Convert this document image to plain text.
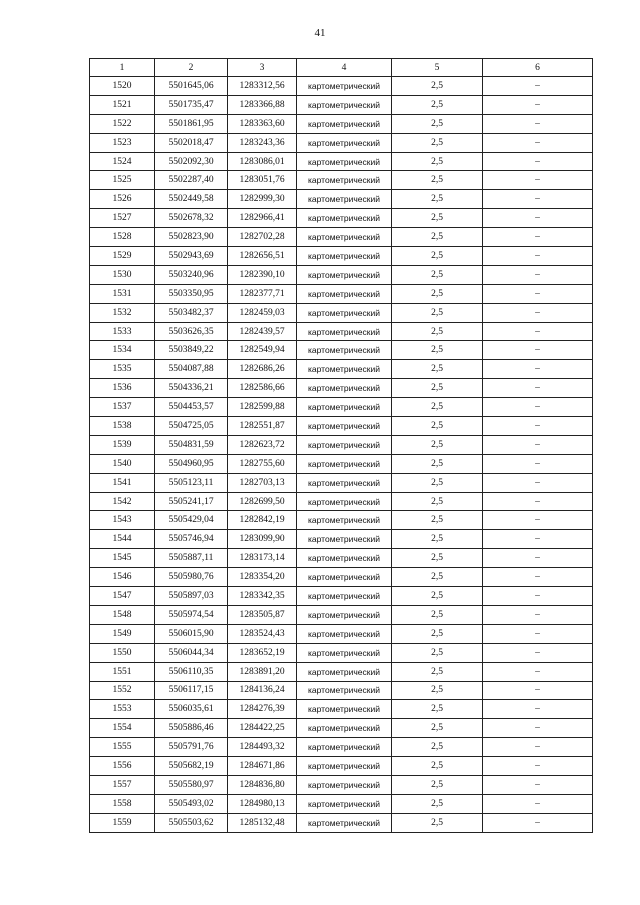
41
1	2	3	4	5	6
1520	5501645,06	1283312,56	картометрический	2,5	–
1521	5501735,47	1283366,88	картометрический	2,5	–
1522	5501861,95	1283363,60	картометрический	2,5	–
1523	5502018,47	1283243,36	картометрический	2,5	–
1524	5502092,30	1283086,01	картометрический	2,5	–
1525	5502287,40	1283051,76	картометрический	2,5	–
1526	5502449,58	1282999,30	картометрический	2,5	–
1527	5502678,32	1282966,41	картометрический	2,5	–
1528	5502823,90	1282702,28	картометрический	2,5	–
1529	5502943,69	1282656,51	картометрический	2,5	–
1530	5503240,96	1282390,10	картометрический	2,5	–
1531	5503350,95	1282377,71	картометрический	2,5	–
1532	5503482,37	1282459,03	картометрический	2,5	–
1533	5503626,35	1282439,57	картометрический	2,5	–
1534	5503849,22	1282549,94	картометрический	2,5	–
1535	5504087,88	1282686,26	картометрический	2,5	–
1536	5504336,21	1282586,66	картометрический	2,5	–
1537	5504453,57	1282599,88	картометрический	2,5	–
1538	5504725,05	1282551,87	картометрический	2,5	–
1539	5504831,59	1282623,72	картометрический	2,5	–
1540	5504960,95	1282755,60	картометрический	2,5	–
1541	5505123,11	1282703,13	картометрический	2,5	–
1542	5505241,17	1282699,50	картометрический	2,5	–
1543	5505429,04	1282842,19	картометрический	2,5	–
1544	5505746,94	1283099,90	картометрический	2,5	–
1545	5505887,11	1283173,14	картометрический	2,5	–
1546	5505980,76	1283354,20	картометрический	2,5	–
1547	5505897,03	1283342,35	картометрический	2,5	–
1548	5505974,54	1283505,87	картометрический	2,5	–
1549	5506015,90	1283524,43	картометрический	2,5	–
1550	5506044,34	1283652,19	картометрический	2,5	–
1551	5506110,35	1283891,20	картометрический	2,5	–
1552	5506117,15	1284136,24	картометрический	2,5	–
1553	5506035,61	1284276,39	картометрический	2,5	–
1554	5505886,46	1284422,25	картометрический	2,5	–
1555	5505791,76	1284493,32	картометрический	2,5	–
1556	5505682,19	1284671,86	картометрический	2,5	–
1557	5505580,97	1284836,80	картометрический	2,5	–
1558	5505493,02	1284980,13	картометрический	2,5	–
1559	5505503,62	1285132,48	картометрический	2,5	–
